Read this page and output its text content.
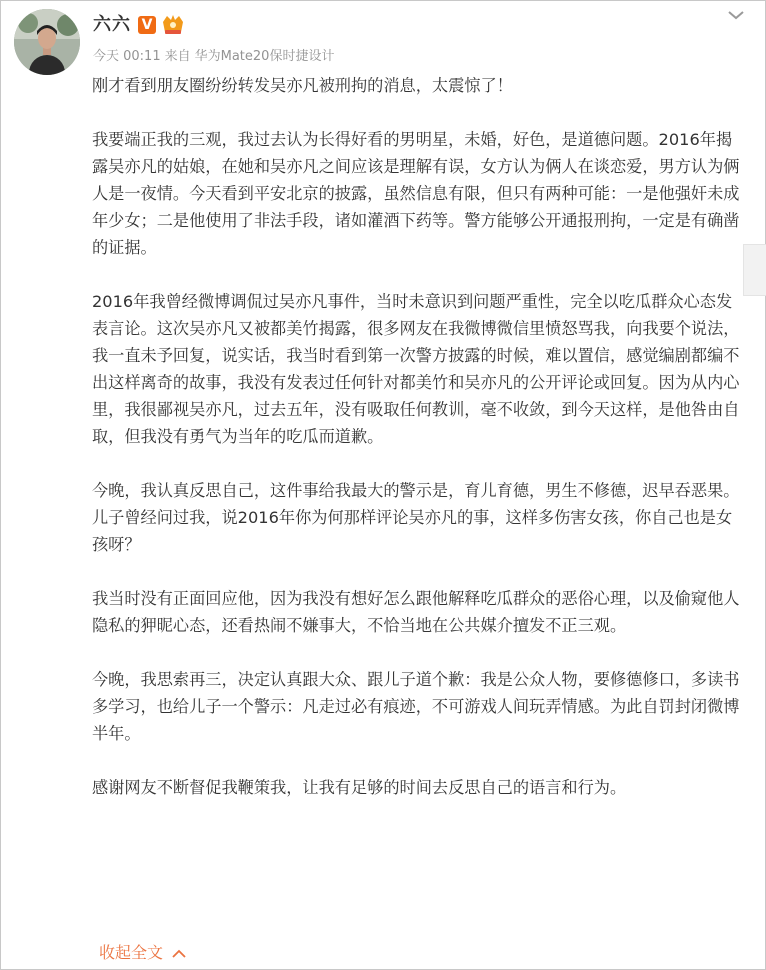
六六 V
今天 00:11 来自 华为Mate20保时捷设计

刚才看到朋友圈纷纷转发吴亦凡被刑拘的消息，太震惊了！

我要端正我的三观，我过去认为长得好看的男明星，未婚，好色，是道德问题。2016年揭露吴亦凡的姑娘，在她和吴亦凡之间应该是理解有误，女方认为俩人在谈恋爱，男方认为俩人是一夜情。今天看到平安北京的披露，虽然信息有限，但只有两种可能：一是他强奸未成年少女；二是他使用了非法手段，诸如灌酒下药等。警方能够公开通报刑拘，一定是有确凿的证据。

2016年我曾经微博调侃过吴亦凡事件，当时未意识到问题严重性，完全以吃瓜群众心态发表言论。这次吴亦凡又被都美竹揭露，很多网友在我微博微信里愤怒骂我，向我要个说法，我一直未予回复，说实话，我当时看到第一次警方披露的时候，难以置信，感觉编剧都编不出这样离奇的故事，我没有发表过任何针对都美竹和吴亦凡的公开评论或回复。因为从内心里，我很鄙视吴亦凡，过去五年，没有吸取任何教训，毫不收敛，到今天这样，是他咎由自取，但我没有勇气为当年的吃瓜而道歉。

今晚，我认真反思自己，这件事给我最大的警示是，育儿育德，男生不修德，迟早吞恶果。儿子曾经问过我，说2016年你为何那样评论吴亦凡的事，这样多伤害女孩，你自己也是女孩呀？

我当时没有正面回应他，因为我没有想好怎么跟他解释吃瓜群众的恶俗心理，以及偷窥他人隐私的狎昵心态，还看热闹不嫌事大，不恰当地在公共媒介擅发不正三观。

今晚，我思索再三，决定认真跟大众、跟儿子道个歉：我是公众人物，要修德修口，多读书多学习，也给儿子一个警示：凡走过必有痕迹，不可游戏人间玩弄情感。为此自罚封闭微博半年。

感谢网友不断督促我鞭策我，让我有足够的时间去反思自己的语言和行为。

收起全文
